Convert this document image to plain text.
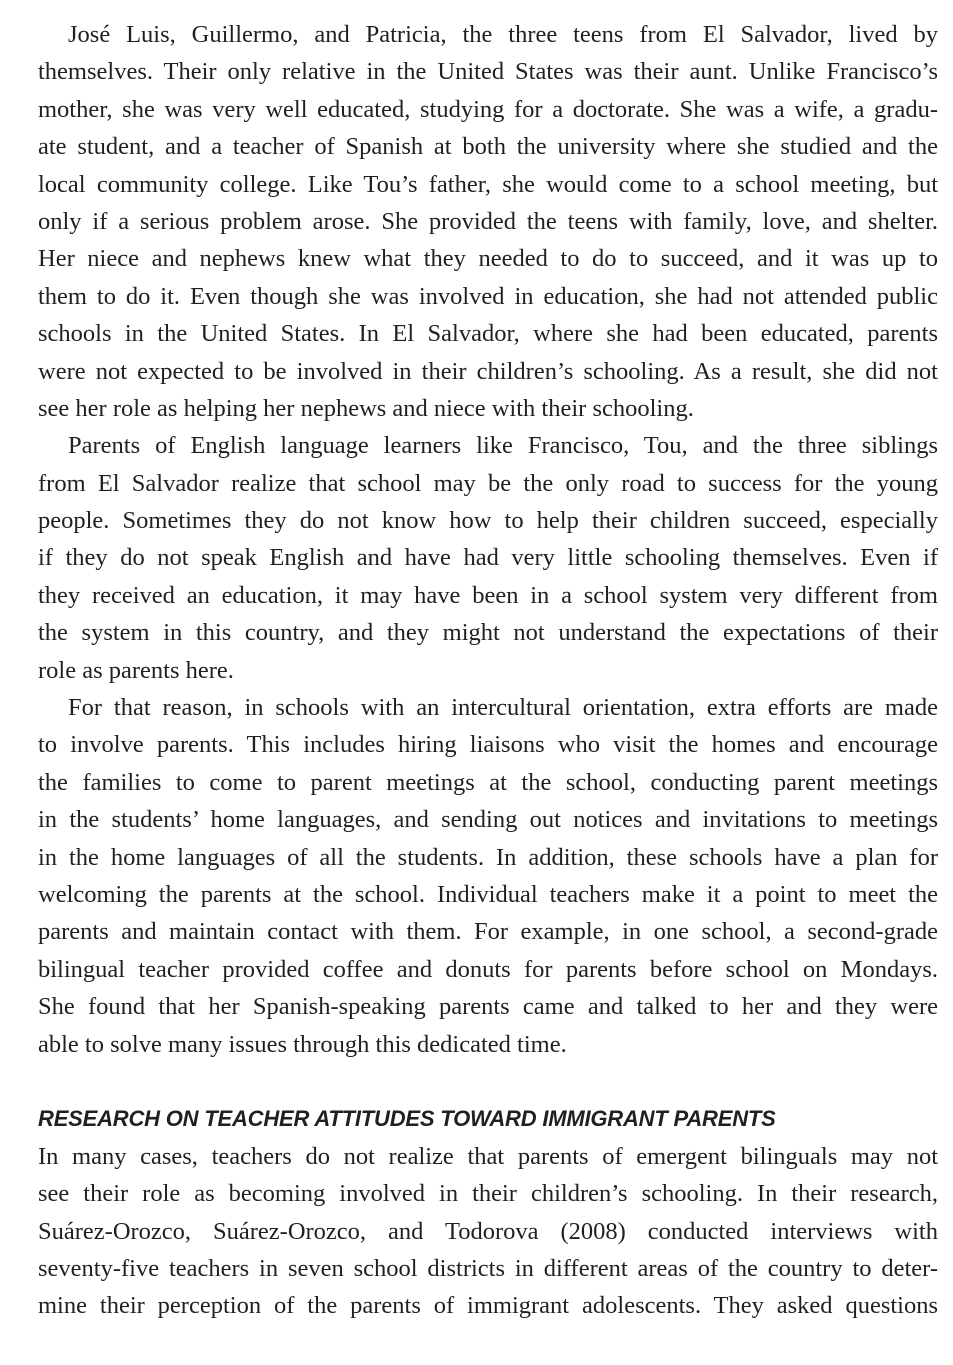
José Luis, Guillermo, and Patricia, the three teens from El Salvador, lived by
themselves. Their only relative in the United States was their aunt. Unlike Francisco’s
mother, she was very well educated, studying for a doctorate. She was a wife, a gradu-
ate student, and a teacher of Spanish at both the university where she studied and the
local community college. Like Tou’s father, she would come to a school meeting, but
only if a serious problem arose. She provided the teens with family, love, and shelter.
Her niece and nephews knew what they needed to do to succeed, and it was up to
them to do it. Even though she was involved in education, she had not attended public
schools in the United States. In El Salvador, where she had been educated, parents
were not expected to be involved in their children’s schooling. As a result, she did not
see her role as helping her nephews and niece with their schooling.
Parents of English language learners like Francisco, Tou, and the three siblings
from El Salvador realize that school may be the only road to success for the young
people. Sometimes they do not know how to help their children succeed, especially
if they do not speak English and have had very little schooling themselves. Even if
they received an education, it may have been in a school system very different from
the system in this country, and they might not understand the expectations of their
role as parents here.
For that reason, in schools with an intercultural orientation, extra efforts are made
to involve parents. This includes hiring liaisons who visit the homes and encourage
the families to come to parent meetings at the school, conducting parent meetings
in the students’ home languages, and sending out notices and invitations to meetings
in the home languages of all the students. In addition, these schools have a plan for
welcoming the parents at the school. Individual teachers make it a point to meet the
parents and maintain contact with them. For example, in one school, a second-grade
bilingual teacher provided coffee and donuts for parents before school on Mondays.
She found that her Spanish-speaking parents came and talked to her and they were
able to solve many issues through this dedicated time.
RESEARCH ON TEACHER ATTITUDES TOWARD IMMIGRANT PARENTS
In many cases, teachers do not realize that parents of emergent bilinguals may not
see their role as becoming involved in their children’s schooling. In their research,
Suárez-Orozco, Suárez-Orozco, and Todorova (2008) conducted interviews with
seventy-five teachers in seven school districts in different areas of the country to deter-
mine their perception of the parents of immigrant adolescents. They asked questions
